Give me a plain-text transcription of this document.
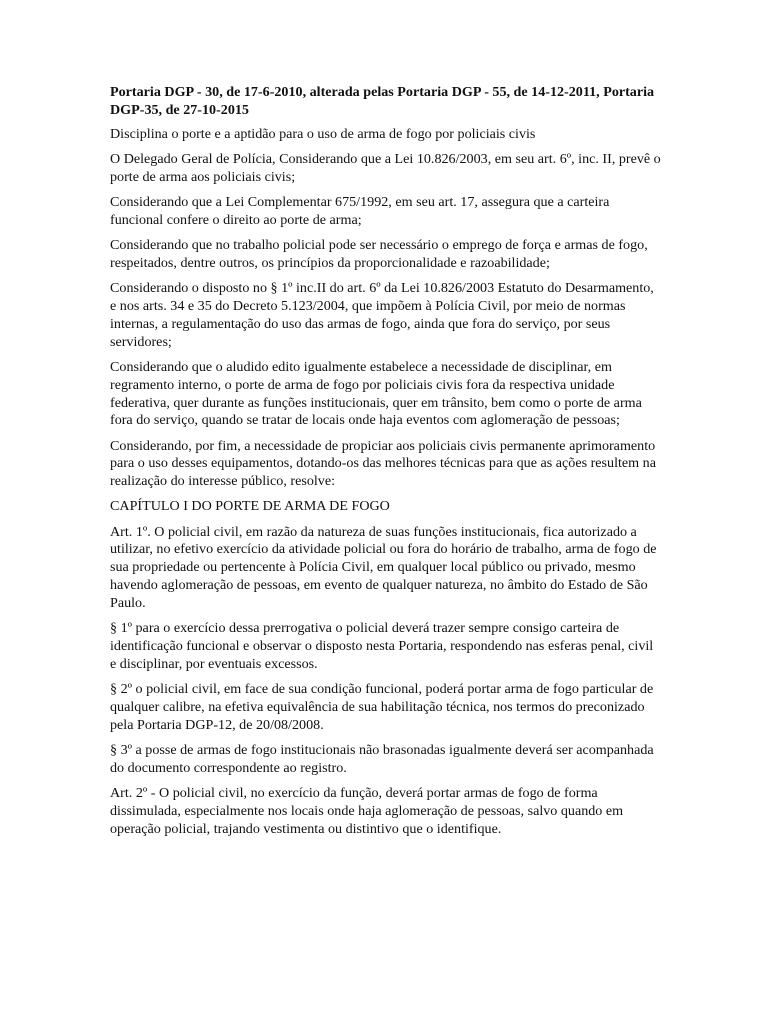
Portaria DGP - 30, de 17-6-2010, alterada pelas Portaria DGP - 55, de 14-12-2011, Portaria DGP-35, de 27-10-2015

Disciplina o porte e a aptidão para o uso de arma de fogo por policiais civis

O Delegado Geral de Polícia, Considerando que a Lei 10.826/2003, em seu art. 6º, inc. II, prevê o porte de arma aos policiais civis;

Considerando que a Lei Complementar 675/1992, em seu art. 17, assegura que a carteira funcional confere o direito ao porte de arma;

Considerando que no trabalho policial pode ser necessário o emprego de força e armas de fogo, respeitados, dentre outros, os princípios da proporcionalidade e razoabilidade;

Considerando o disposto no § 1º inc.II do art. 6º da Lei 10.826/2003 Estatuto do Desarmamento, e nos arts. 34 e 35 do Decreto 5.123/2004, que impõem à Polícia Civil, por meio de normas internas, a regulamentação do uso das armas de fogo, ainda que fora do serviço, por seus servidores;

Considerando que o aludido edito igualmente estabelece a necessidade de disciplinar, em regramento interno, o porte de arma de fogo por policiais civis fora da respectiva unidade federativa, quer durante as funções institucionais, quer em trânsito, bem como o porte de arma fora do serviço, quando se tratar de locais onde haja eventos com aglomeração de pessoas;

Considerando, por fim, a necessidade de propiciar aos policiais civis permanente aprimoramento para o uso desses equipamentos, dotando-os das melhores técnicas para que as ações resultem na realização do interesse público, resolve:

CAPÍTULO I DO PORTE DE ARMA DE FOGO

Art. 1º. O policial civil, em razão da natureza de suas funções institucionais, fica autorizado a utilizar, no efetivo exercício da atividade policial ou fora do horário de trabalho, arma de fogo de sua propriedade ou pertencente à Polícia Civil, em qualquer local público ou privado, mesmo havendo aglomeração de pessoas, em evento de qualquer natureza, no âmbito do Estado de São Paulo.

§ 1º para o exercício dessa prerrogativa o policial deverá trazer sempre consigo carteira de identificação funcional e observar o disposto nesta Portaria, respondendo nas esferas penal, civil e disciplinar, por eventuais excessos.

§ 2º o policial civil, em face de sua condição funcional, poderá portar arma de fogo particular de qualquer calibre, na efetiva equivalência de sua habilitação técnica, nos termos do preconizado pela Portaria DGP-12, de 20/08/2008.

§ 3º a posse de armas de fogo institucionais não brasonadas igualmente deverá ser acompanhada do documento correspondente ao registro.

Art. 2º - O policial civil, no exercício da função, deverá portar armas de fogo de forma dissimulada, especialmente nos locais onde haja aglomeração de pessoas, salvo quando em operação policial, trajando vestimenta ou distintivo que o identifique.
